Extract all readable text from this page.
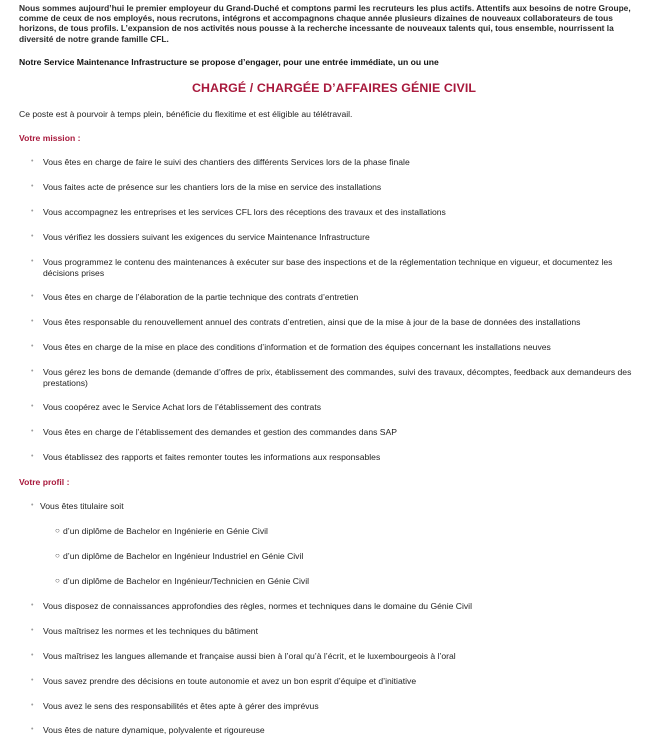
Nous sommes aujourd’hui le premier employeur du Grand-Duché et comptons parmi les recruteurs les plus actifs. Attentifs aux besoins de notre Groupe, comme de ceux de nos employés, nous recrutons, intégrons et accompagnons chaque année plusieurs dizaines de nouveaux collaborateurs de tous horizons, de tous profils. L’expansion de nos activités nous pousse à la recherche incessante de nouveaux talents qui, tous ensemble, nourrissent la diversité de notre grande famille CFL.
Notre Service Maintenance Infrastructure se propose d’engager, pour une entrée immédiate, un ou une
CHARGÉ / CHARGÉE D’AFFAIRES GÉNIE CIVIL
Ce poste est à pourvoir à temps plein, bénéficie du flexitime et est éligible au télétravail.
Votre mission :
• Vous êtes en charge de faire le suivi des chantiers des différents Services lors de la phase finale
• Vous faites acte de présence sur les chantiers lors de la mise en service des installations
• Vous accompagnez les entreprises et les services CFL lors des réceptions des travaux et des installations
• Vous vérifiez les dossiers suivant les exigences du service Maintenance Infrastructure
• Vous programmez le contenu des maintenances à exécuter sur base des inspections et de la réglementation technique en vigueur, et documentez les décisions prises
• Vous êtes en charge de l’élaboration de la partie technique des contrats d’entretien
• Vous êtes responsable du renouvellement annuel des contrats d’entretien, ainsi que de la mise à jour de la base de données des installations
• Vous êtes en charge de la mise en place des conditions d’information et de formation des équipes concernant les installations neuves
• Vous gérez les bons de demande (demande d’offres de prix, établissement des commandes, suivi des travaux, décomptes, feedback aux demandeurs des prestations)
• Vous coopérez avec le Service Achat lors de l’établissement des contrats
• Vous êtes en charge de l’établissement des demandes et gestion des commandes dans SAP
• Vous établissez des rapports et faites remonter toutes les informations aux responsables
Votre profil :
• Vous êtes titulaire soit
○ d’un diplôme de Bachelor en Ingénierie en Génie Civil
○ d’un diplôme de Bachelor en Ingénieur Industriel en Génie Civil
○ d’un diplôme de Bachelor en Ingénieur/Technicien en Génie Civil
• Vous disposez de connaissances approfondies des règles, normes et techniques dans le domaine du Génie Civil
• Vous maîtrisez les normes et les techniques du bâtiment
• Vous maîtrisez les langues allemande et française aussi bien à l’oral qu’à l’écrit, et le luxembourgeois à l’oral
• Vous savez prendre des décisions en toute autonomie et avez un bon esprit d’équipe et d’initiative
• Vous avez le sens des responsabilités et êtes apte à gérer des imprévus
• Vous êtes de nature dynamique, polyvalente et rigoureuse
